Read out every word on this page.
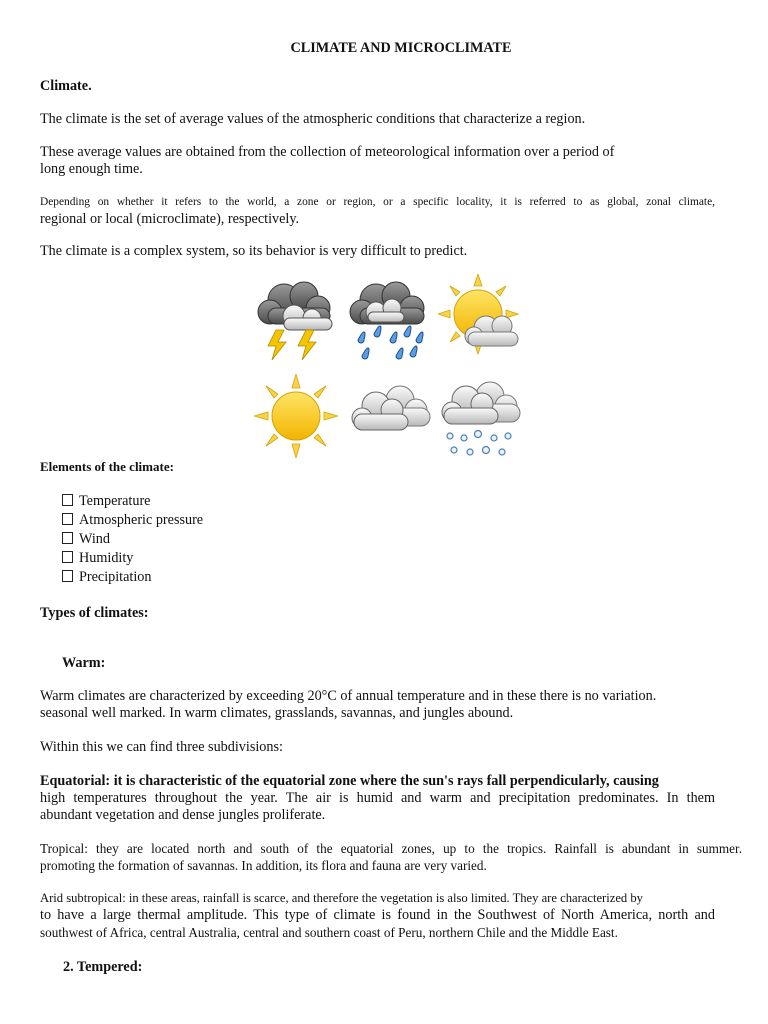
CLIMATE AND MICROCLIMATE

Climate.

The climate is the set of average values of the atmospheric conditions that characterize a region.

These average values are obtained from the collection of meteorological information over a period of
long enough time.
Depending on whether it refers to the world, a zone or region, or a specific locality, it is referred to as global, zonal climate,
regional or local (microclimate), respectively.

The climate is a complex system, so its behavior is very difficult to predict.

Elements of the climate:

Temperature
Atmospheric pressure
Wind
Humidity
Precipitation

Types of climates:

Warm:

Warm climates are characterized by exceeding 20°C of annual temperature and in these there is no variation.
seasonal well marked. In warm climates, grasslands, savannas, and jungles abound.

Within this we can find three subdivisions:

Equatorial: it is characteristic of the equatorial zone where the sun's rays fall perpendicularly, causing
high temperatures throughout the year. The air is humid and warm and precipitation predominates. In them
abundant vegetation and dense jungles proliferate.
Tropical: they are located north and south of the equatorial zones, up to the tropics. Rainfall is abundant in summer.
promoting the formation of savannas. In addition, its flora and fauna are very varied.
Arid subtropical: in these areas, rainfall is scarce, and therefore the vegetation is also limited. They are characterized by
to have a large thermal amplitude. This type of climate is found in the Southwest of North America, north and
southwest of Africa, central Australia, central and southern coast of Peru, northern Chile and the Middle East.

2. Tempered:
